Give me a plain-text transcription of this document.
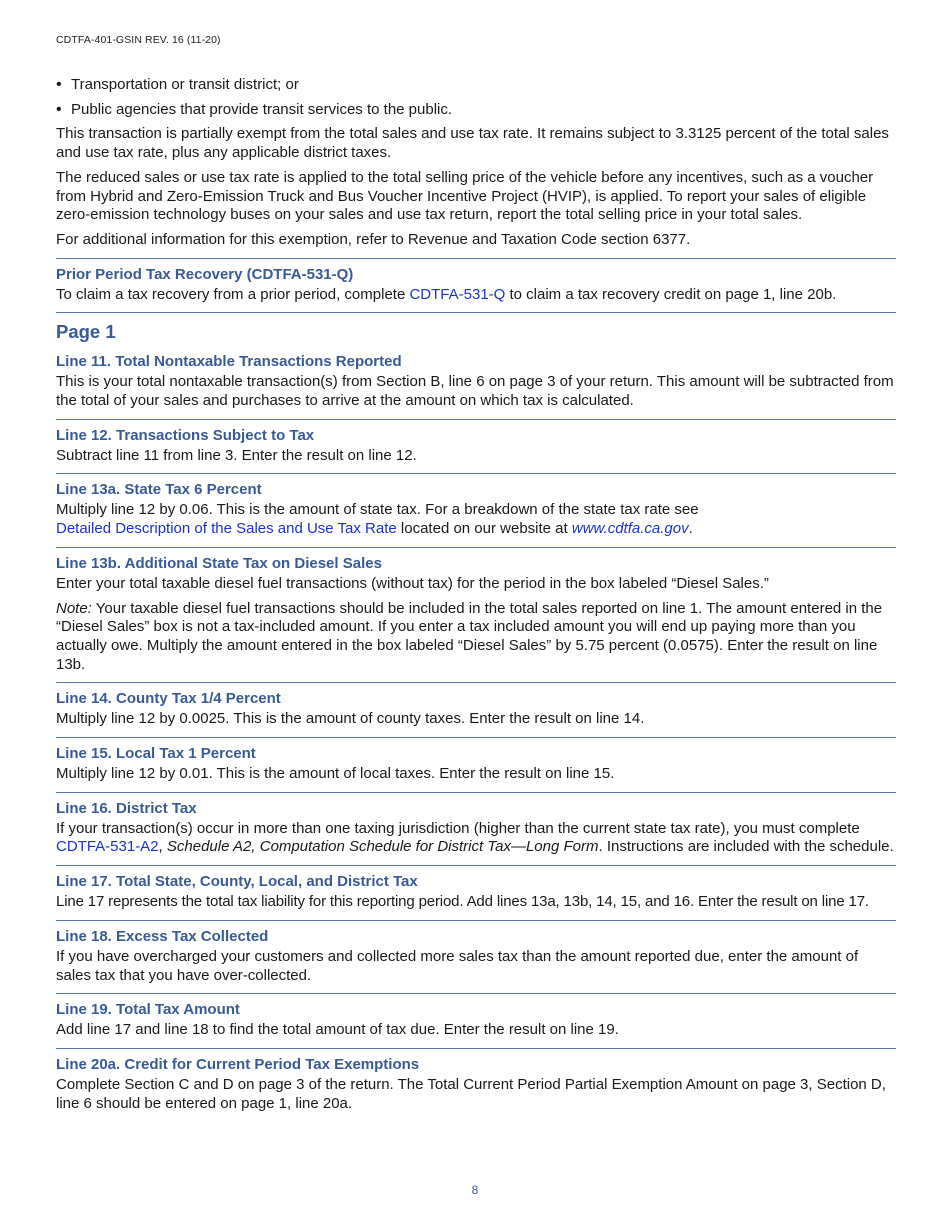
CDTFA-401-GSIN REV. 16 (11-20)
• Transportation or transit district; or

• Public agencies that provide transit services to the public.

This transaction is partially exempt from the total sales and use tax rate. It remains subject to 3.3125 percent of the total sales and use tax rate, plus any applicable district taxes.

The reduced sales or use tax rate is applied to the total selling price of the vehicle before any incentives, such as a voucher from Hybrid and Zero-Emission Truck and Bus Voucher Incentive Project (HVIP), is applied. To report your sales of eligible zero-emission technology buses on your sales and use tax return, report the total selling price in your total sales.

For additional information for this exemption, refer to Revenue and Taxation Code section 6377.

Prior Period Tax Recovery (CDTFA-531-Q)

To claim a tax recovery from a prior period, complete CDTFA-531-Q to claim a tax recovery credit on page 1, line 20b.

Page 1
Line 11. Total Nontaxable Transactions Reported

This is your total nontaxable transaction(s) from Section B, line 6 on page 3 of your return. This amount will be subtracted from the total of your sales and purchases to arrive at the amount on which tax is calculated.

Line 12. Transactions Subject to Tax

Subtract line 11 from line 3. Enter the result on line 12.

Line 13a. State Tax 6 Percent

Multiply line 12 by 0.06. This is the amount of state tax. For a breakdown of the state tax rate see
Detailed Description of the Sales and Use Tax Rate located on our website at www.cdtfa.ca.gov.

Line 13b. Additional State Tax on Diesel Sales

Enter your total taxable diesel fuel transactions (without tax) for the period in the box labeled “Diesel Sales.”

Note: Your taxable diesel fuel transactions should be included in the total sales reported on line 1. The amount entered in the “Diesel Sales” box is not a tax-included amount. If you enter a tax included amount you will end up paying more than you actually owe. Multiply the amount entered in the box labeled “Diesel Sales” by 5.75 percent (0.0575). Enter the result on line 13b.

Line 14. County Tax 1/4 Percent

Multiply line 12 by 0.0025. This is the amount of county taxes. Enter the result on line 14.

Line 15. Local Tax 1 Percent

Multiply line 12 by 0.01. This is the amount of local taxes. Enter the result on line 15.

Line 16. District Tax

If your transaction(s) occur in more than one taxing jurisdiction (higher than the current state tax rate), you must complete CDTFA-531-A2, Schedule A2, Computation Schedule for District Tax—Long Form. Instructions are included with the schedule.

Line 17. Total State, County, Local, and District Tax

Line 17 represents the total tax liability for this reporting period. Add lines 13a, 13b, 14, 15, and 16. Enter the result on line 17.

Line 18. Excess Tax Collected

If you have overcharged your customers and collected more sales tax than the amount reported due, enter the amount of sales tax that you have over-collected.

Line 19. Total Tax Amount

Add line 17 and line 18 to find the total amount of tax due. Enter the result on line 19.

Line 20a. Credit for Current Period Tax Exemptions

Complete Section C and D on page 3 of the return. The Total Current Period Partial Exemption Amount on page 3, Section D, line 6 should be entered on page 1, line 20a.

8
